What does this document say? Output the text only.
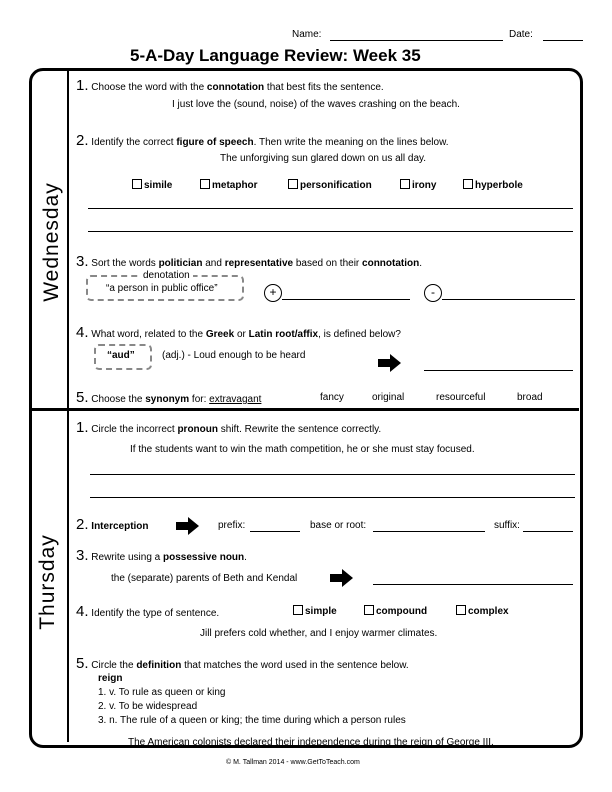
Name:	Date:
5-A-Day Language Review: Week 35
Wednesday
Thursday
1. Choose the word with the connotation that best fits the sentence.
I just love the (sound, noise) of the waves crashing on the beach.
2. Identify the correct figure of speech. Then write the meaning on the lines below.
The unforgiving sun glared down on us all day.
simile	metaphor	personification	irony	hyperbole
3. Sort the words politician and representative based on their connotation.
denotation
“a person in public office”	+	-
4. What word, related to the Greek or Latin root/affix, is defined below?
“aud”	(adj.) - Loud enough to be heard
5. Choose the synonym for: extravagant	fancy	original	resourceful	broad
1. Circle the incorrect pronoun shift. Rewrite the sentence correctly.
If the students want to win the math competition, he or she must stay focused.
2. Interception	prefix:	base or root:	suffix:
3. Rewrite using a possessive noun.
the (separate) parents of Beth and Kendal
4. Identify the type of sentence.	simple	compound	complex
Jill prefers cold whether, and I enjoy warmer climates.
5. Circle the definition that matches the word used in the sentence below.
reign
1. v. To rule as queen or king
2. v. To be widespread
3. n. The rule of a queen or king; the time during which a person rules
The American colonists declared their independence during the reign of George III.
© M. Tallman 2014 - www.GetToTeach.com
